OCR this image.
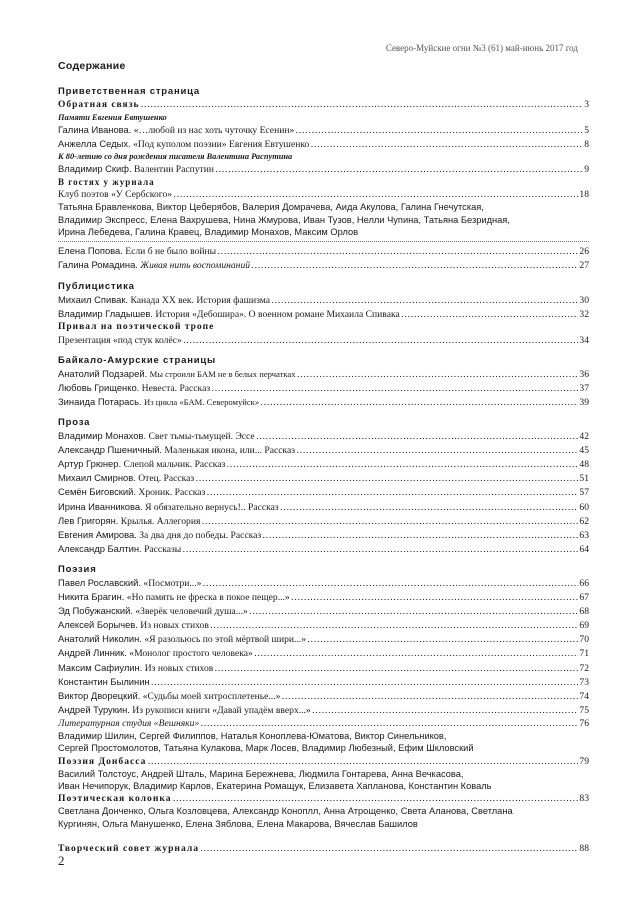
Северо-Муйские огни №3 (61) май-июнь 2017 год
Содержание
Приветственная страница
Обратная связь …………………………………………………………………………………………………………………………………………………………………………………………………………………………………………………	3
Памяти Евгения Евтушенко
Галина Иванова. «…любой из нас хоть чуточку Есенин» …………………………………………………………………………………………………………………………………………………………………………………………………………………………………………………	5
Анжелла Седых. «Под куполом поэзии» Евгения Евтушенко …………………………………………………………………………………………………………………………………………………………………………………………………………………………………………………	8
К 80-летию со дня рождения писателя Валентина Распутина
Владимир Скиф. Валентин Распутин …………………………………………………………………………………………………………………………………………………………………………………………………………………………………………………	9
В гостях у журнала
Клуб поэтов «У Сербского» …………………………………………………………………………………………………………………………………………………………………………………………………………………………………………………	18
Татьяна Бравленкова, Виктор Цеберябов, Валерия Домрачева, Аида Акулова, Галина Гнечутская,
Владимир Экспресс, Елена Вахрушева, Нина Жмурова, Иван Тузов, Нелли Чупина, Татьяна Безридная,
Ирина Лебедева, Галина Кравец, Владимир Монахов, Максим Орлов
Елена Попова. Если б не было войны …………………………………………………………………………………………………………………………………………………………………………………………………………………………………………………	26
Галина Ромадина. Живая нить воспоминаний …………………………………………………………………………………………………………………………………………………………………………………………………………………………………………………	27
Публицистика
Михаил Спивак. Канада ХХ век. История фашизма …………………………………………………………………………………………………………………………………………………………………………………………………………………………………………………	30
Владимир Гладышев. История «Дебошира». О военном романе Михаила Спивака …………………………………………………………………………………………………………………………………………………………………………………………………………………………………………………	32
Привал на поэтической тропе
Презентация «под стук колёс» …………………………………………………………………………………………………………………………………………………………………………………………………………………………………………………	34
Байкало-Амурские страницы
Анатолий Подзарей. Мы строили БАМ не в белых перчатках …………………………………………………………………………………………………………………………………………………………………………………………………………………………………………………	36
Любовь Грищенко. Невеста. Рассказ …………………………………………………………………………………………………………………………………………………………………………………………………………………………………………………	37
Зинаида Потарась. Из цикла «БАМ. Северомуйск» …………………………………………………………………………………………………………………………………………………………………………………………………………………………………………………	39
Проза
Владимир Монахов. Свет тьмы-тьмущей. Эссе …………………………………………………………………………………………………………………………………………………………………………………………………………………………………………………	42
Александр Пшеничный. Маленькая икона, или... Рассказ …………………………………………………………………………………………………………………………………………………………………………………………………………………………………………………	45
Артур Грюнер. Слепой мальчик. Рассказ …………………………………………………………………………………………………………………………………………………………………………………………………………………………………………………	48
Михаил Смирнов. Отец. Рассказ …………………………………………………………………………………………………………………………………………………………………………………………………………………………………………………	51
Семён Биговский. Хроник. Рассказ …………………………………………………………………………………………………………………………………………………………………………………………………………………………………………………	57
Ирина Иванникова. Я обязательно вернусь!.. Рассказ …………………………………………………………………………………………………………………………………………………………………………………………………………………………………………………	60
Лев Григорян. Крылья. Аллегория …………………………………………………………………………………………………………………………………………………………………………………………………………………………………………………	62
Евгения Амирова. За два дня до победы. Рассказ …………………………………………………………………………………………………………………………………………………………………………………………………………………………………………………	63
Александр Балтин. Рассказы …………………………………………………………………………………………………………………………………………………………………………………………………………………………………………………	64
Поэзия
Павел Рославский. «Посмотри...» …………………………………………………………………………………………………………………………………………………………………………………………………………………………………………………	66
Никита Брагин. «Но память не фреска в покое пещер...» …………………………………………………………………………………………………………………………………………………………………………………………………………………………………………………	67
Эд Побужанский. «Зверёк человечий душа...» …………………………………………………………………………………………………………………………………………………………………………………………………………………………………………………	68
Алексей Борычев. Из новых стихов …………………………………………………………………………………………………………………………………………………………………………………………………………………………………………………	69
Анатолий Николин. «Я разольюсь по этой мёртвой шири...» …………………………………………………………………………………………………………………………………………………………………………………………………………………………………………………	70
Андрей Линник. «Монолог простого человека» …………………………………………………………………………………………………………………………………………………………………………………………………………………………………………………	71
Максим Сафиулин. Из новых стихов …………………………………………………………………………………………………………………………………………………………………………………………………………………………………………………	72
Константин Былинин …………………………………………………………………………………………………………………………………………………………………………………………………………………………………………………	73
Виктор Дворецкий. «Судьбы моей хитросплетенье...» …………………………………………………………………………………………………………………………………………………………………………………………………………………………………………………	74
Андрей Турукин. Из рукописи книги «Давай упадём вверх...» …………………………………………………………………………………………………………………………………………………………………………………………………………………………………………………	75
Литературная студия «Вешняки» …………………………………………………………………………………………………………………………………………………………………………………………………………………………………………………	76
Владимир Шилин, Сергей Филиппов, Наталья Коноплева-Юматова, Виктор Синельников,
Сергей Простомолотов, Татьяна Кулакова, Марк Лосев, Владимир Любезный, Ефим Шкловский
Поэзия Донбасса …………………………………………………………………………………………………………………………………………………………………………………………………………………………………………………	79
Василий Толстоус, Андрей Шталь, Марина Бережнева, Людмила Гонтарева, Анна Вечкасова,
Иван Нечипорук, Владимир Карлов, Екатерина Ромащук, Елизавета Хапланова, Константин Коваль
Поэтическая колонка …………………………………………………………………………………………………………………………………………………………………………………………………………………………………………………	83
Светлана Донченко, Ольга Козловцева, Александр Коноплл, Анна Атрощенко, Света Аланова, Светлана
Кургинян, Ольга Манушенко, Елена Зяблова, Елена Макарова, Вячеслав Башилов
Творческий совет журнала …………………………………………………………………………………………………………………………………………………………………………………………………………………………………………………	88
2
